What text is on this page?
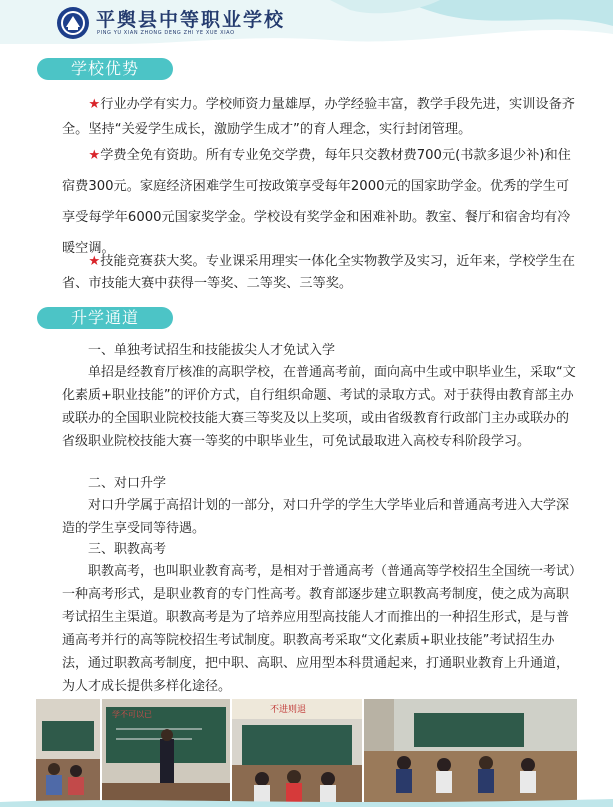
平舆县中等职业学校
PING YU XIAN ZHONG DENG ZHI YE XUE XIAO
学校优势

★行业办学有实力。学校师资力量雄厚，办学经验丰富，教学手段先进，实训设备齐全。坚持“关爱学生成长，激励学生成才”的育人理念，实行封闭管理。

★学费全免有资助。所有专业免交学费，每年只交教材费700元(书款多退少补)和住宿费300元。家庭经济困难学生可按政策享受每年2000元的国家助学金。优秀的学生可享受每学年6000元国家奖学金。学校设有奖学金和困难补助。教室、餐厅和宿舍均有冷暖空调。

★技能竞赛获大奖。专业课采用理实一体化全实物教学及实习，近年来，学校学生在省、市技能大赛中获得一等奖、二等奖、三等奖。

升学通道

一、单独考试招生和技能拔尖人才免试入学

单招是经教育厅核准的高职学校，在普通高考前，面向高中生或中职毕业生，采取“文化素质+职业技能”的评价方式，自行组织命题、考试的录取方式。对于获得由教育部主办或联办的全国职业院校技能大赛三等奖及以上奖项，或由省级教育行政部门主办或联办的省级职业院校技能大赛一等奖的中职毕业生，可免试最取进入高校专科阶段学习。

二、对口升学

对口升学属于高招计划的一部分，对口升学的学生大学毕业后和普通高考进入大学深造的学生享受同等待遇。

三、职教高考

职教高考，也叫职业教育高考，是相对于普通高考（普通高等学校招生全国统一考试）一种高考形式，是职业教育的专门性高考。教育部逐步建立职教高考制度，使之成为高职考试招生主渠道。职教高考是为了培养应用型高技能人才而推出的一种招生形式，是与普通高考并行的高等院校招生考试制度。职教高考采取“文化素质+职业技能”考试招生办法，通过职教高考制度，把中职、高职、应用型本科贯通起来，打通职业教育上升通道，为人才成长提供多样化途径。

学不可以已	不进则退
